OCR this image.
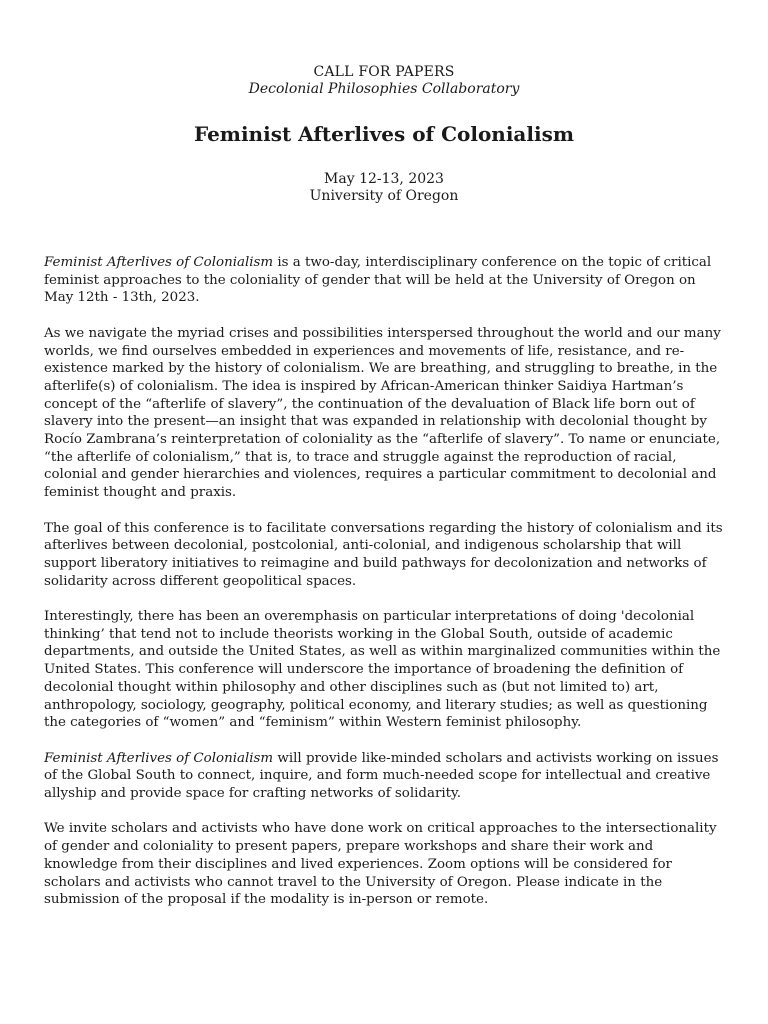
CALL FOR PAPERS
Decolonial Philosophies Collaboratory
Feminist Afterlives of Colonialism
May 12-13, 2023
University of Oregon

Feminist Afterlives of Colonialism is a two-day, interdisciplinary conference on the topic of critical feminist approaches to the coloniality of gender that will be held at the University of Oregon on May 12th - 13th, 2023.

As we navigate the myriad crises and possibilities interspersed throughout the world and our many worlds, we find ourselves embedded in experiences and movements of life, resistance, and re-existence marked by the history of colonialism. We are breathing, and struggling to breathe, in the afterlife(s) of colonialism. The idea is inspired by African-American thinker Saidiya Hartman’s concept of the “afterlife of slavery”, the continuation of the devaluation of Black life born out of slavery into the present—an insight that was expanded in relationship with decolonial thought by Rocío Zambrana’s reinterpretation of coloniality as the “afterlife of slavery”. To name or enunciate, “the afterlife of colonialism,” that is, to trace and struggle against the reproduction of racial, colonial and gender hierarchies and violences, requires a particular commitment to decolonial and feminist thought and praxis.

The goal of this conference is to facilitate conversations regarding the history of colonialism and its afterlives between decolonial, postcolonial, anti-colonial, and indigenous scholarship that will support liberatory initiatives to reimagine and build pathways for decolonization and networks of solidarity across different geopolitical spaces.

Interestingly, there has been an overemphasis on particular interpretations of doing 'decolonial thinking’ that tend not to include theorists working in the Global South, outside of academic departments, and outside the United States, as well as within marginalized communities within the United States. This conference will underscore the importance of broadening the definition of decolonial thought within philosophy and other disciplines such as (but not limited to) art, anthropology, sociology, geography, political economy, and literary studies; as well as questioning the categories of “women” and “feminism” within Western feminist philosophy.

Feminist Afterlives of Colonialism will provide like-minded scholars and activists working on issues of the Global South to connect, inquire, and form much-needed scope for intellectual and creative allyship and provide space for crafting networks of solidarity.

We invite scholars and activists who have done work on critical approaches to the intersectionality of gender and coloniality to present papers, prepare workshops and share their work and knowledge from their disciplines and lived experiences. Zoom options will be considered for scholars and activists who cannot travel to the University of Oregon. Please indicate in the submission of the proposal if the modality is in-person or remote.
